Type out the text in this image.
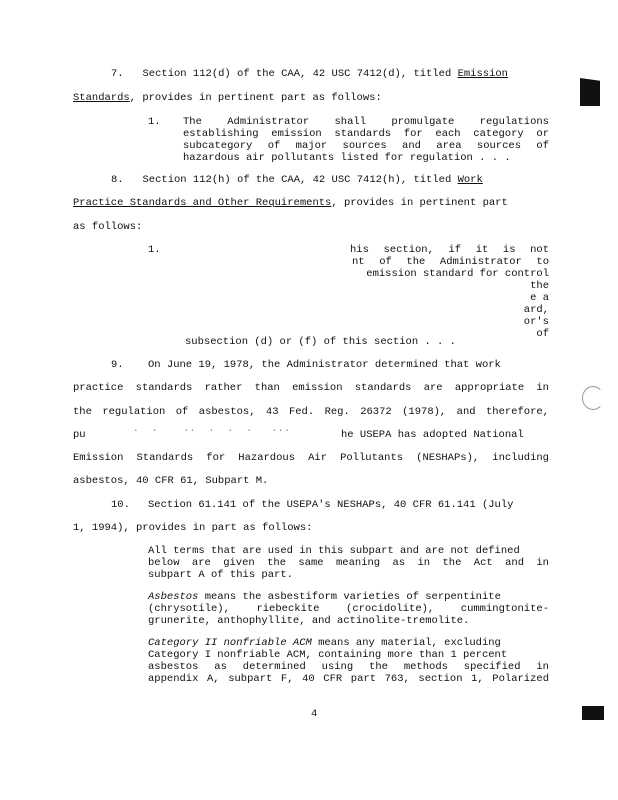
7.   Section 112(d) of the CAA, 42 USC 7412(d), titled Emission
Standards, provides in pertinent part as follows:
1. The Administrator shall promulgate regulations
establishing emission standards for each category or
subcategory of major sources and area sources of
hazardous air pollutants listed for regulation . . .
8.   Section 112(h) of the CAA, 42 USC 7412(h), titled Work
Practice Standards and Other Requirements, provides in pertinent part
as follows:
1.	his section, if it is not
nt of the Administrator to
emission standard for control
the
e a
ard,
or's
of
subsection (d) or (f) of this section . . .
9. On June 19, 1978, the Administrator determined that work
practice standards rather than emission standards are appropriate in
the regulation of asbestos, 43 Fed. Reg. 26372 (1978), and therefore,
pu	.  .    ..  .  .  .   ...	he USEPA has adopted National
Emission Standards for Hazardous Air Pollutants (NESHAPs), including
asbestos, 40 CFR 61, Subpart M.
10. Section 61.141 of the USEPA's NESHAPs, 40 CFR 61.141 (July
1, 1994), provides in part as follows:
All terms that are used in this subpart and are not defined
below are given the same meaning as in the Act and in
subpart A of this part.
Asbestos means the asbestiform varieties of serpentinite
(chrysotile), riebeckite (crocidolite), cummingtonite-
grunerite, anthophyllite, and actinolite-tremolite.
Category II nonfriable ACM means any material, excluding
Category I nonfriable ACM, containing more than 1 percent
asbestos as determined using the methods specified in
appendix A, subpart F, 40 CFR part 763, section 1, Polarized
4
